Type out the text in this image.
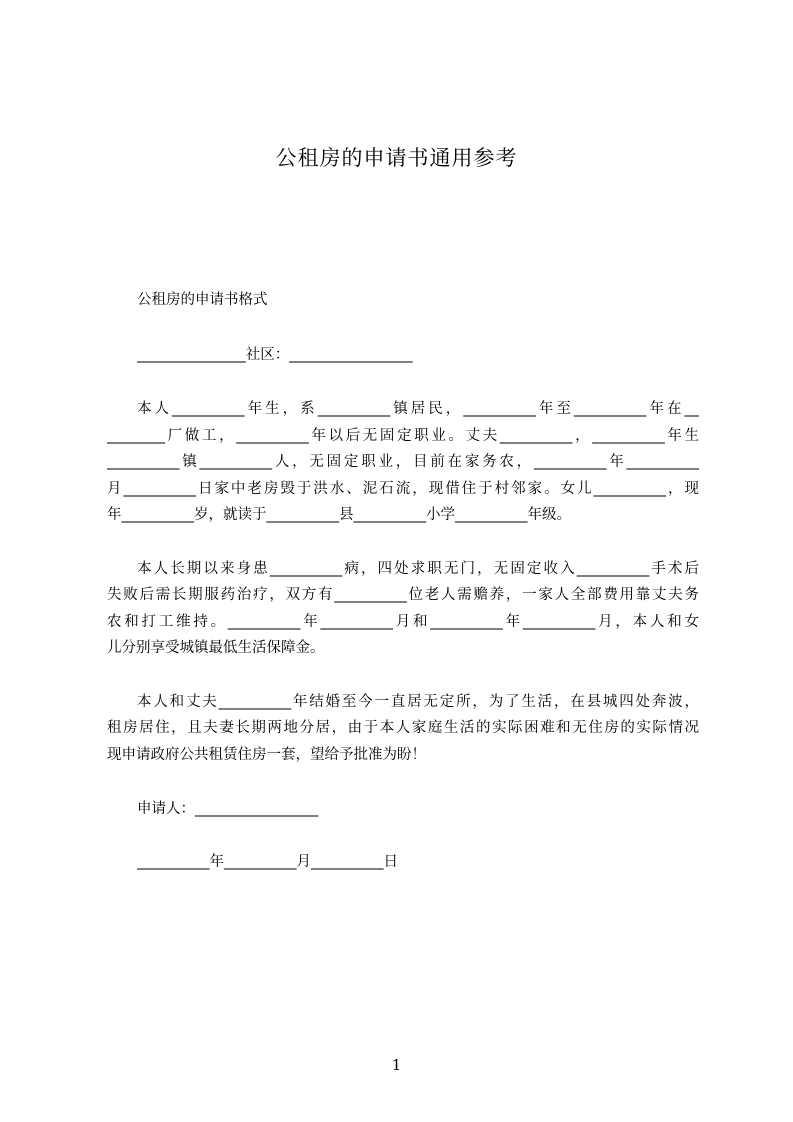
公租房的申请书通用参考
公租房的申请书格式
_______________社区：_________________
本人__________年生，系__________镇居民，__________年至__________年在__
________厂做工，__________年以后无固定职业。丈夫__________，__________年生
__________镇__________人，无固定职业，目前在家务农，__________年__________
月__________日家中老房毁于洪水、泥石流，现借住于村邻家。女儿__________，现
年__________岁，就读于__________县__________小学__________年级。
本人长期以来身患__________病，四处求职无门，无固定收入__________手术后
失败后需长期服药治疗，双方有__________位老人需赡养，一家人全部费用靠丈夫务
农和打工维持。__________年__________月和__________年__________月，本人和女
儿分别享受城镇最低生活保障金。
本人和丈夫__________年结婚至今一直居无定所，为了生活，在县城四处奔波，
租房居住，且夫妻长期两地分居，由于本人家庭生活的实际困难和无住房的实际情况
现申请政府公共租赁住房一套，望给予批准为盼！
申请人：_________________
__________年__________月__________日
1
